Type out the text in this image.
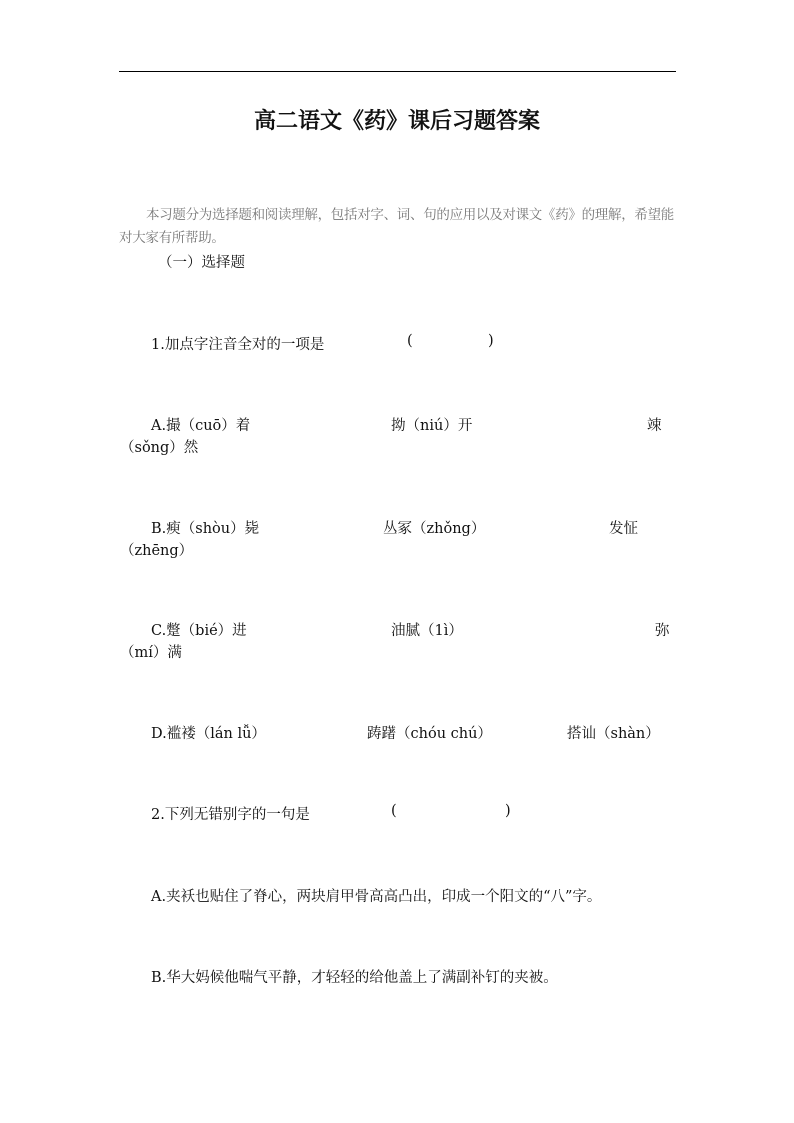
高二语文《药》课后习题答案
本习题分为选择题和阅读理解，包括对字、词、句的应用以及对课文《药》的理解，希望能对大家有所帮助。
（一）选择题
1.加点字注音全对的一项是	(	)
A.撮（cuō）着	拗（niú）开	竦
（sǒng）然
B.瘐（shòu）毙	丛冢（zhǒng）	发怔
（zhēng）
C.蹩（bié）进	油腻（1ì）	弥
（mí）满
D.褴褛（lán lǚ）	踌躇（chóu chú）	搭讪（shàn）
2.下列无错别字的一句是	(	)
A.夹袄也贴住了脊心，两块肩甲骨高高凸出，印成一个阳文的“八”字。
B.华大妈候他喘气平静，才轻轻的给他盖上了满副补钉的夹被。
